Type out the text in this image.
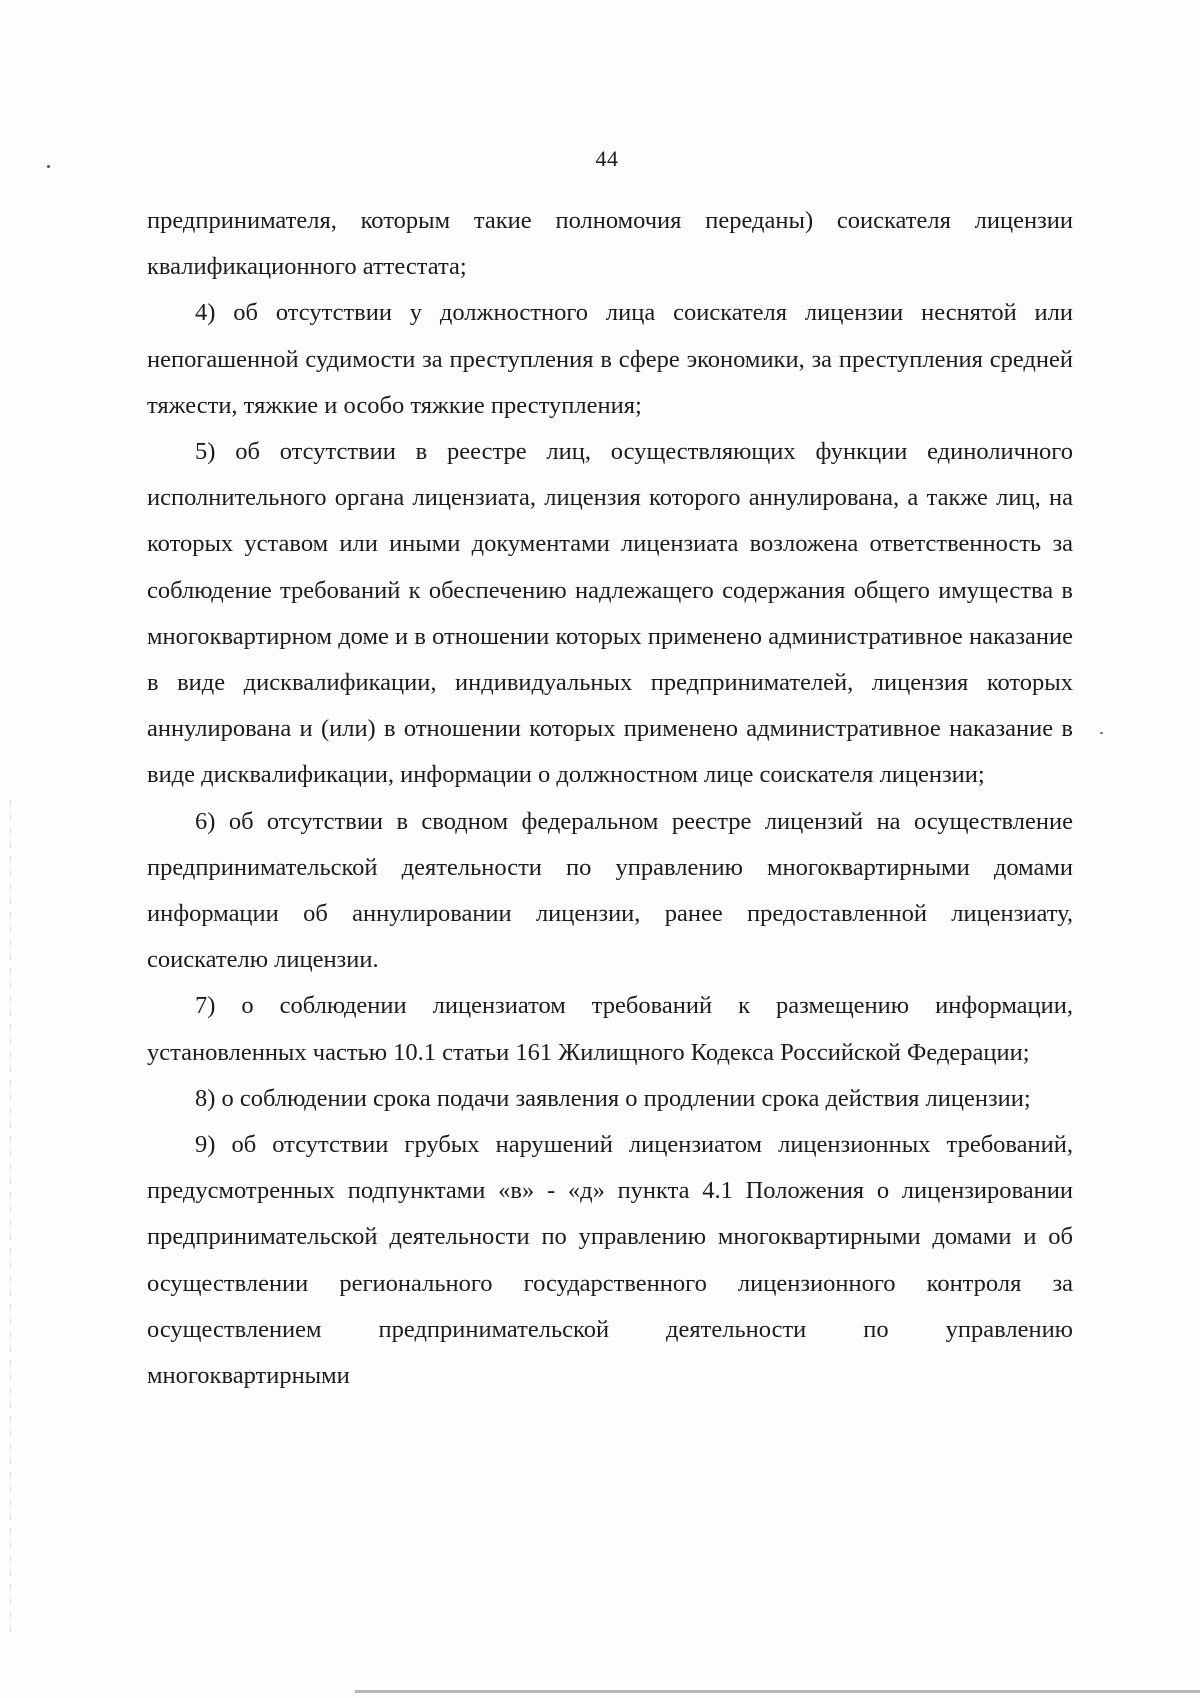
44

предпринимателя, которым такие полномочия переданы) соискателя лицензии квалификационного аттестата;

4) об отсутствии у должностного лица соискателя лицензии неснятой или непогашенной судимости за преступления в сфере экономики, за преступления средней тяжести, тяжкие и особо тяжкие преступления;

5) об отсутствии в реестре лиц, осуществляющих функции единоличного исполнительного органа лицензиата, лицензия которого аннулирована, а также лиц, на которых уставом или иными документами лицензиата возложена ответственность за соблюдение требований к обеспечению надлежащего содержания общего имущества в многоквартирном доме и в отношении которых применено административное наказание в виде дисквалификации, индивидуальных предпринимателей, лицензия которых аннулирована и (или) в отношении которых применено административное наказание в виде дисквалификации, информации о должностном лице соискателя лицензии;

6) об отсутствии в сводном федеральном реестре лицензий на осуществление предпринимательской деятельности по управлению многоквартирными домами информации об аннулировании лицензии, ранее предоставленной лицензиату, соискателю лицензии.

7) о соблюдении лицензиатом требований к размещению информации, установленных частью 10.1 статьи 161 Жилищного Кодекса Российской Федерации;

8) о соблюдении срока подачи заявления о продлении срока действия лицензии;

9) об отсутствии грубых нарушений лицензиатом лицензионных требований, предусмотренных подпунктами «в» - «д» пункта 4.1 Положения о лицензировании предпринимательской деятельности по управлению многоквартирными домами и об осуществлении регионального государственного лицензионного контроля за осуществлением предпринимательской деятельности по управлению многоквартирными
